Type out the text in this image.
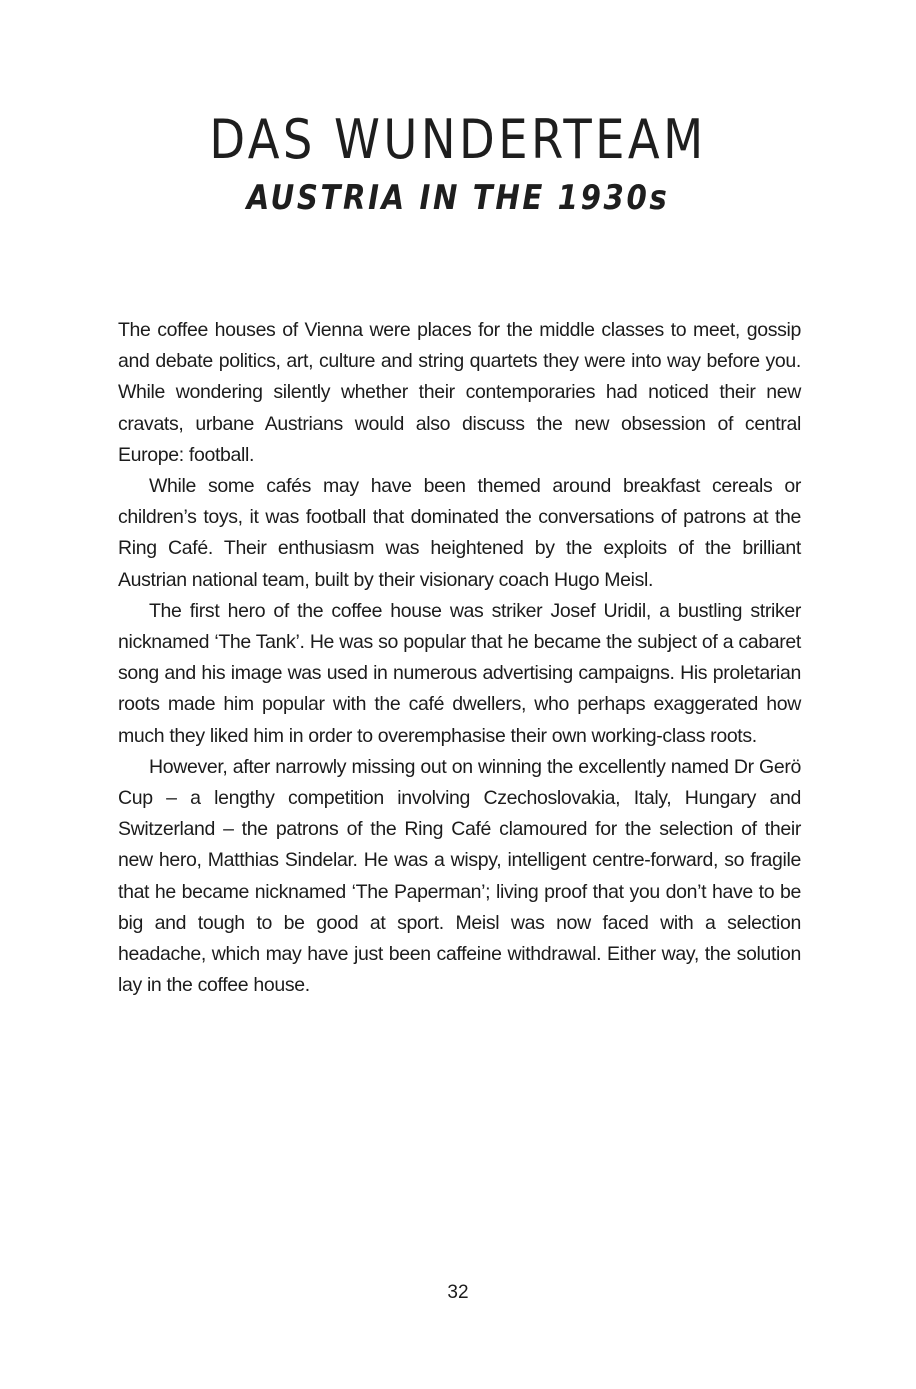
DAS WUNDERTEAM
AUSTRIA IN THE 1930s

The coffee houses of Vienna were places for the middle classes to meet, gossip and debate politics, art, culture and string quartets they were into way before you. While wondering silently whether their contemporaries had noticed their new cravats, urbane Austrians would also discuss the new obsession of central Europe: football.

While some cafés may have been themed around breakfast cereals or children’s toys, it was football that dominated the conversations of patrons at the Ring Café. Their enthusiasm was heightened by the exploits of the brilliant Austrian national team, built by their visionary coach Hugo Meisl.

The first hero of the coffee house was striker Josef Uridil, a bustling striker nicknamed ‘The Tank’. He was so popular that he became the subject of a cabaret song and his image was used in numerous advertising campaigns. His proletarian roots made him popular with the café dwellers, who perhaps exaggerated how much they liked him in order to overemphasise their own working-class roots.

However, after narrowly missing out on winning the excellently named Dr Gerö Cup – a lengthy competition involving Czechoslovakia, Italy, Hungary and Switzerland – the patrons of the Ring Café clamoured for the selection of their new hero, Matthias Sindelar. He was a wispy, intelligent centre-forward, so fragile that he became nicknamed ‘The Paperman’; living proof that you don’t have to be big and tough to be good at sport. Meisl was now faced with a selection headache, which may have just been caffeine withdrawal. Either way, the solution lay in the coffee house.

32
